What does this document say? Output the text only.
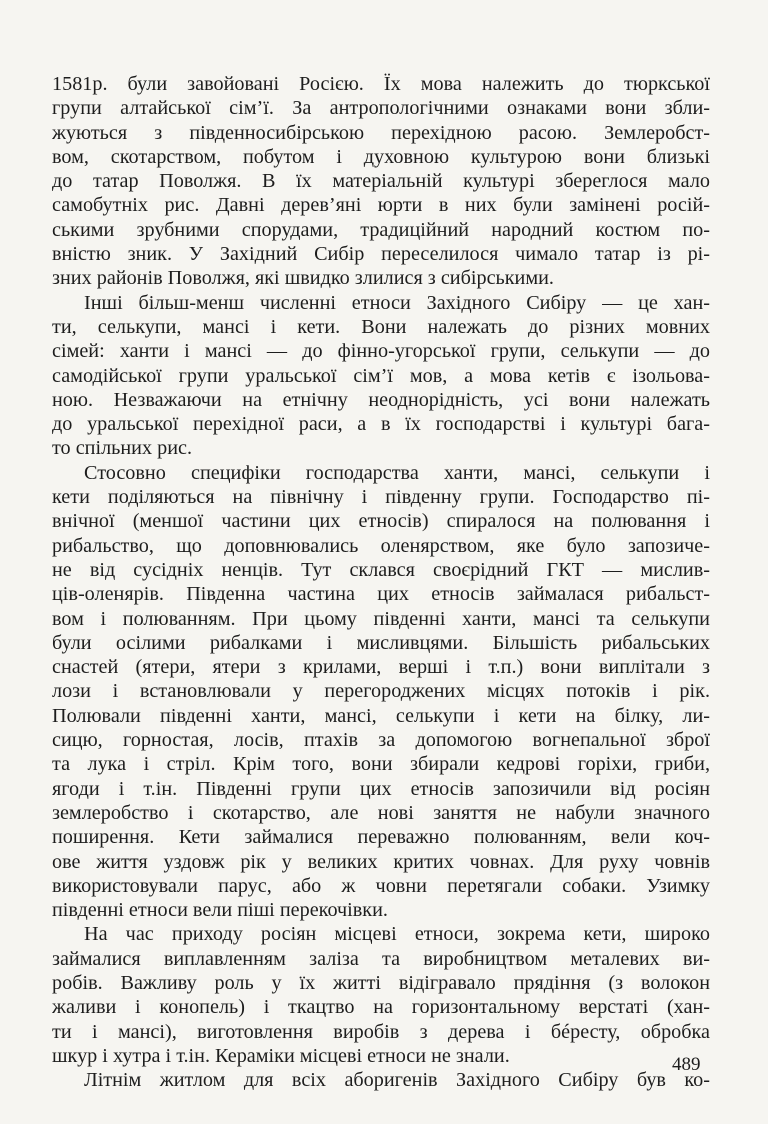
1581р. були завойовані Росією. Їх мова належить до тюркської
групи алтайської сім’ї. За антропологічними ознаками вони збли-
жуються з південносибірською перехідною расою. Землеробст-
вом, скотарством, побутом і духовною культурою вони близькі
до татар Поволжя. В їх матеріальній культурі збереглося мало
самобутніх рис. Давні дерев’яні юрти в них були замінені росій-
ськими зрубними спорудами, традиційний народний костюм по-
вністю зник. У Західний Сибір переселилося чимало татар із рі-
зних районів Поволжя, які швидко злилися з сибірськими.
Інші більш-менш численні етноси Західного Сибіру — це хан-
ти, селькупи, мансі і кети. Вони належать до різних мовних
сімей: ханти і мансі — до фінно-угорської групи, селькупи — до
самодійської групи уральської сім’ї мов, а мова кетів є ізольова-
ною. Незважаючи на етнічну неоднорідність, усі вони належать
до уральської перехідної раси, а в їх господарстві і культурі бага-
то спільних рис.
Стосовно специфіки господарства ханти, мансі, селькупи і
кети поділяються на північну і південну групи. Господарство пі-
внічної (меншої частини цих етносів) спиралося на полювання і
рибальство, що доповнювались оленярством, яке було запозиче-
не від сусідніх ненців. Тут склався своєрідний ГКТ — мислив-
ців-оленярів. Південна частина цих етносів займалася рибальст-
вом і полюванням. При цьому південні ханти, мансі та селькупи
були осілими рибалками і мисливцями. Більшість рибальських
снастей (ятери, ятери з крилами, верші і т.п.) вони виплітали з
лози і встановлювали у перегороджених місцях потоків і рік.
Полювали південні ханти, мансі, селькупи і кети на білку, ли-
сицю, горностая, лосів, птахів за допомогою вогнепальної зброї
та лука і стріл. Крім того, вони збирали кедрові горіхи, гриби,
ягоди і т.ін. Південні групи цих етносів запозичили від росіян
землеробство і скотарство, але нові заняття не набули значного
поширення. Кети займалися переважно полюванням, вели коч-
ове життя уздовж рік у великих критих човнах. Для руху човнів
використовували парус, або ж човни перетягали собаки. Узимку
південні етноси вели піші перекочівки.
На час приходу росіян місцеві етноси, зокрема кети, широко
займалися виплавленням заліза та виробництвом металевих ви-
робів. Важливу роль у їх житті відігравало прядіння (з волокон
жаливи і конопель) і ткацтво на горизонтальному верстаті (хан-
ти і мансі), виготовлення виробів з дерева і бéресту, обробка
шкур і хутра і т.ін. Кераміки місцеві етноси не знали.
Літнім житлом для всіх аборигенів Західного Сибіру був ко-
489
